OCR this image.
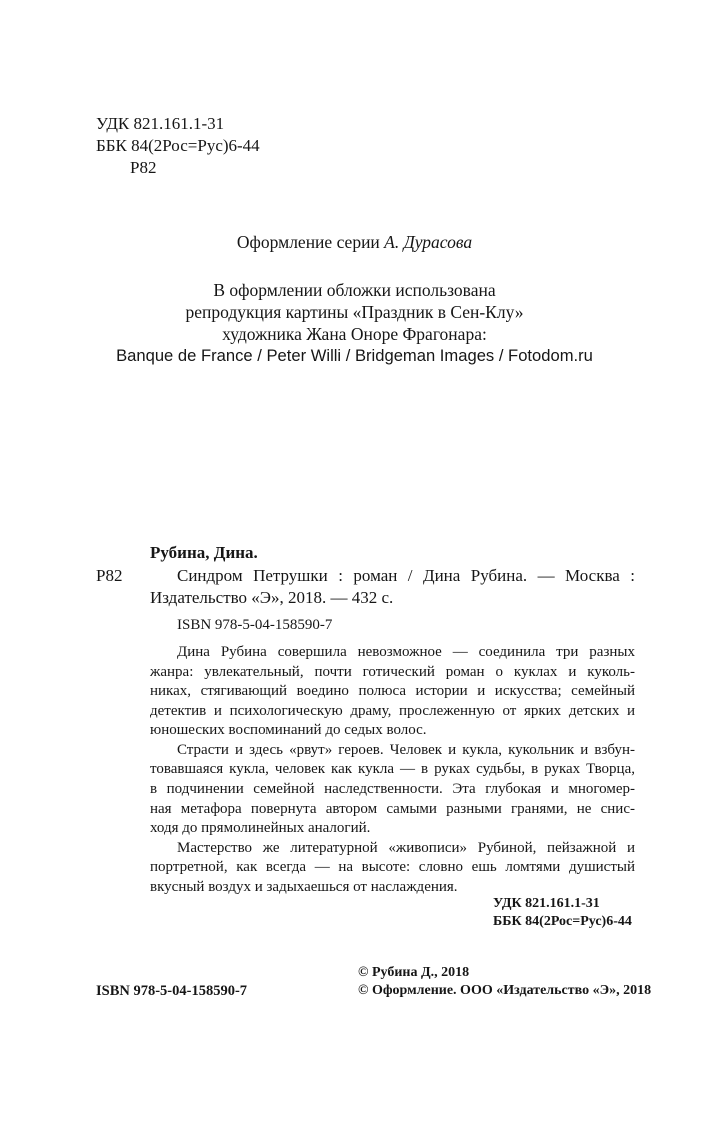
УДК 821.161.1-31
ББК 84(2Рос=Рус)6-44
Р82
Оформление серии А. Дурасова
В оформлении обложки использована
репродукция картины «Праздник в Сен-Клу»
художника Жана Оноре Фрагонара:
Banque de France / Peter Willi / Bridgeman Images / Fotodom.ru
Рубина, Дина.
Р82	Синдром Петрушки : роман / Дина Рубина. — Москва :
Издательство «Э», 2018. — 432 с.
ISBN 978-5-04-158590-7
Дина Рубина совершила невозможное — соединила три разных
жанра: увлекательный, почти готический роман о куклах и куколь-
никах, стягивающий воедино полюса истории и искусства; семейный
детектив и психологическую драму, прослеженную от ярких детских и
юношеских воспоминаний до седых волос.
Страсти и здесь «рвут» героев. Человек и кукла, кукольник и взбун-
товавшаяся кукла, человек как кукла — в руках судьбы, в руках Творца,
в подчинении семейной наследственности. Эта глубокая и многомер-
ная метафора повернута автором самыми разными гранями, не снис-
ходя до прямолинейных аналогий.
Мастерство же литературной «живописи» Рубиной, пейзажной и
портретной, как всегда — на высоте: словно ешь ломтями душистый
вкусный воздух и задыхаешься от наслаждения.
УДК 821.161.1-31
ББК 84(2Рос=Рус)6-44
© Рубина Д., 2018
ISBN 978-5-04-158590-7	© Оформление. ООО «Издательство «Э», 2018
